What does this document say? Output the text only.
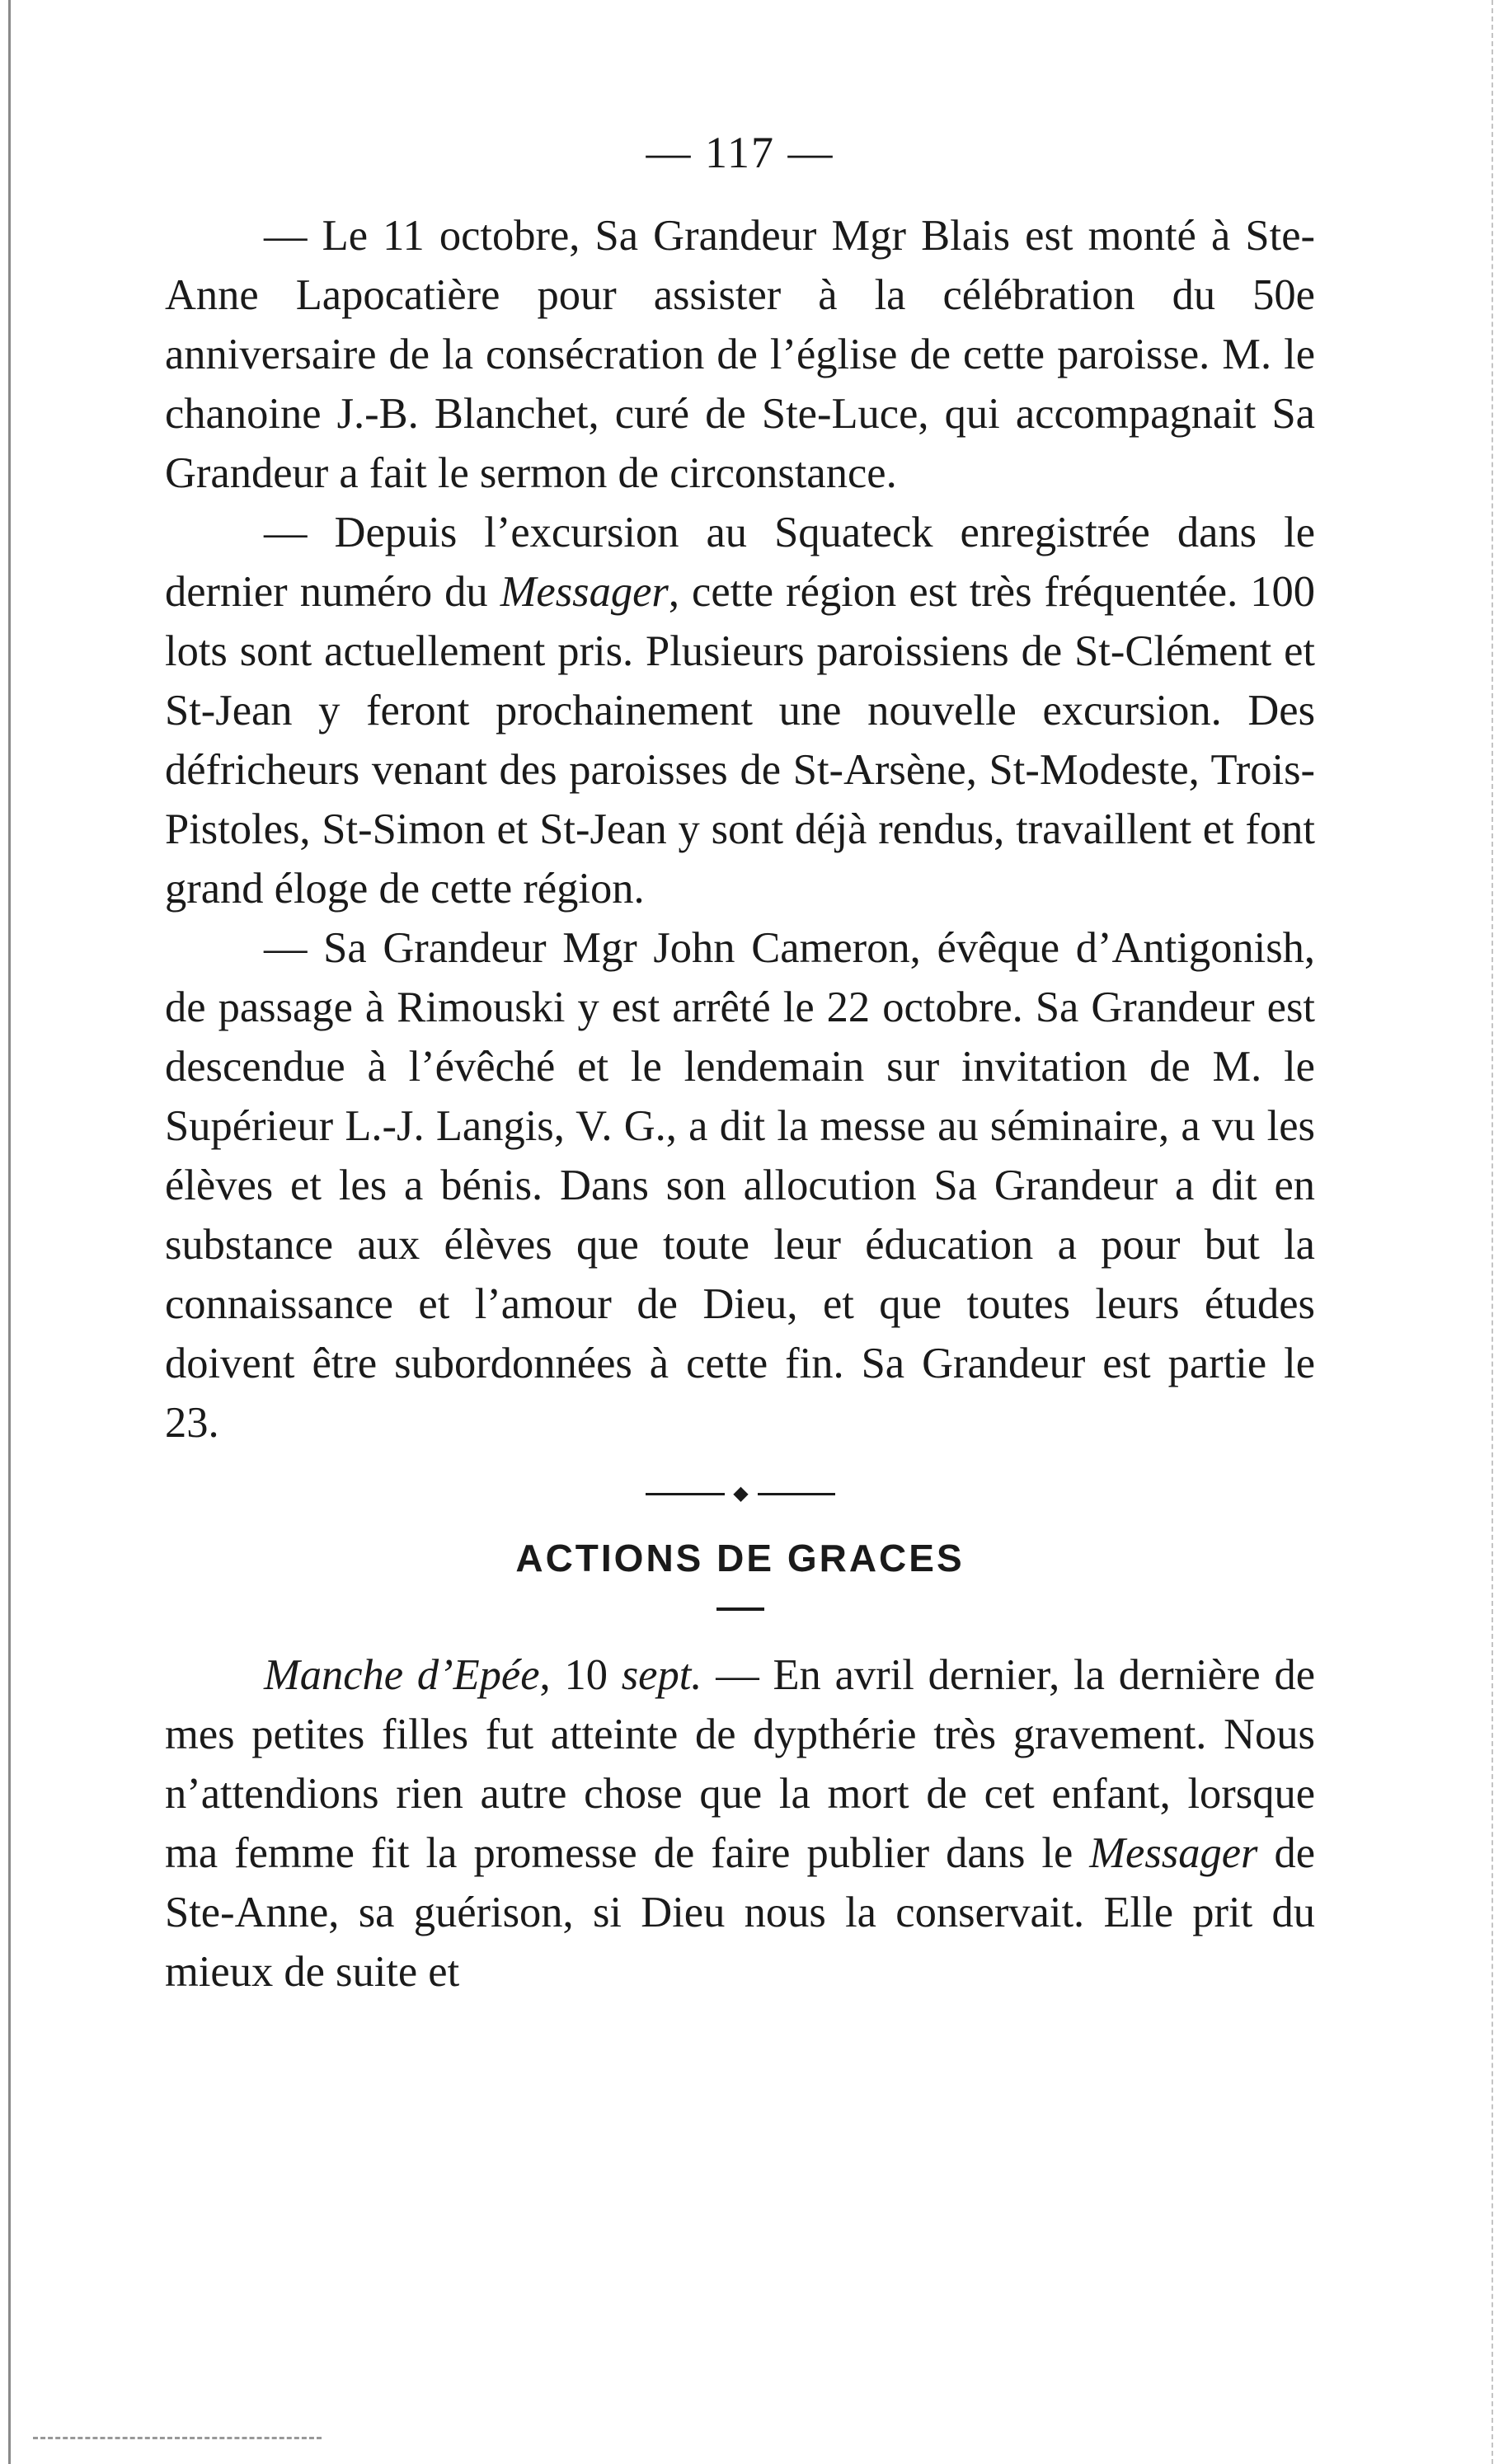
— 117 —

— Le 11 octobre, Sa Grandeur Mgr Blais est monté à Ste-Anne Lapocatière pour assister à la célébration du 50e anniversaire de la consécration de l’église de cette paroisse. M. le chanoine J.-B. Blanchet, curé de Ste-Luce, qui accompagnait Sa Grandeur a fait le sermon de circonstance.

— Depuis l’excursion au Squateck enregistrée dans le dernier numéro du Messager, cette région est très fréquentée. 100 lots sont actuellement pris. Plusieurs paroissiens de St-Clément et St-Jean y feront prochainement une nouvelle excursion. Des défricheurs venant des paroisses de St-Arsène, St-Modeste, Trois-Pistoles, St-Simon et St-Jean y sont déjà rendus, travaillent et font grand éloge de cette région.

— Sa Grandeur Mgr John Cameron, évêque d’Antigonish, de passage à Rimouski y est arrêté le 22 octobre. Sa Grandeur est descendue à l’évêché et le lendemain sur invitation de M. le Supérieur L.-J. Langis, V. G., a dit la messe au séminaire, a vu les élèves et les a bénis. Dans son allocution Sa Grandeur a dit en substance aux élèves que toute leur éducation a pour but la connaissance et l’amour de Dieu, et que toutes leurs études doivent être subordonnées à cette fin. Sa Grandeur est partie le 23.

◆
ACTIONS DE GRACES

Manche d’Epée, 10 sept. — En avril dernier, la dernière de mes petites filles fut atteinte de dypthérie très gravement. Nous n’attendions rien autre chose que la mort de cet enfant, lorsque ma femme fit la promesse de faire publier dans le Messager de Ste-Anne, sa guérison, si Dieu nous la conservait. Elle prit du mieux de suite et
